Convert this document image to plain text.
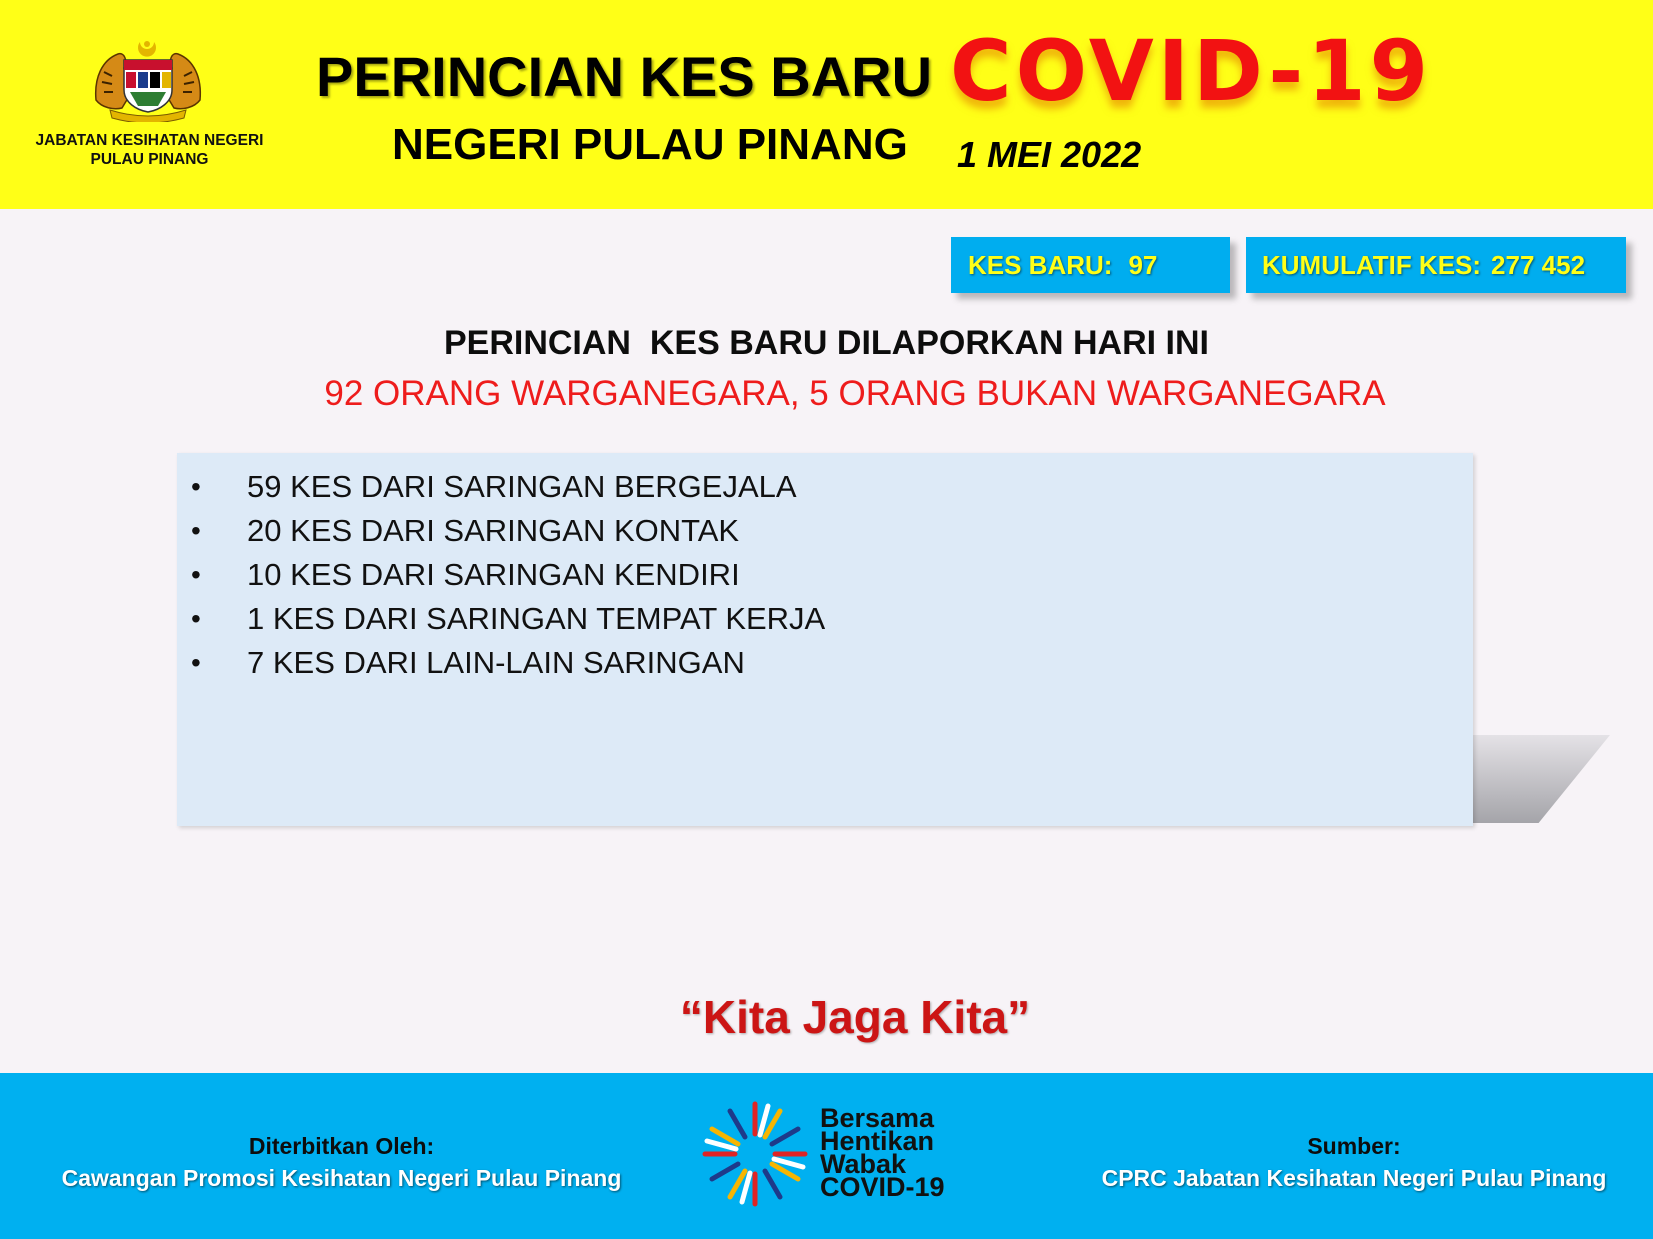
JABATAN KESIHATAN NEGERI
PULAU PINANG
PERINCIAN KES BARU COVID-19
NEGERI PULAU PINANG 1 MEI 2022
KES BARU: 97	KUMULATIF KES: 277 452
PERINCIAN  KES BARU DILAPORKAN HARI INI
92 ORANG WARGANEGARA, 5 ORANG BUKAN WARGANEGARA
• 59 KES DARI SARINGAN BERGEJALA
• 20 KES DARI SARINGAN KONTAK
• 10 KES DARI SARINGAN KENDIRI
• 1 KES DARI SARINGAN TEMPAT KERJA
• 7 KES DARI LAIN-LAIN SARINGAN
“Kita Jaga Kita”
Diterbitkan Oleh:
Cawangan Promosi Kesihatan Negeri Pulau Pinang
Bersama
Hentikan
Wabak
COVID-19
Sumber:
CPRC Jabatan Kesihatan Negeri Pulau Pinang
